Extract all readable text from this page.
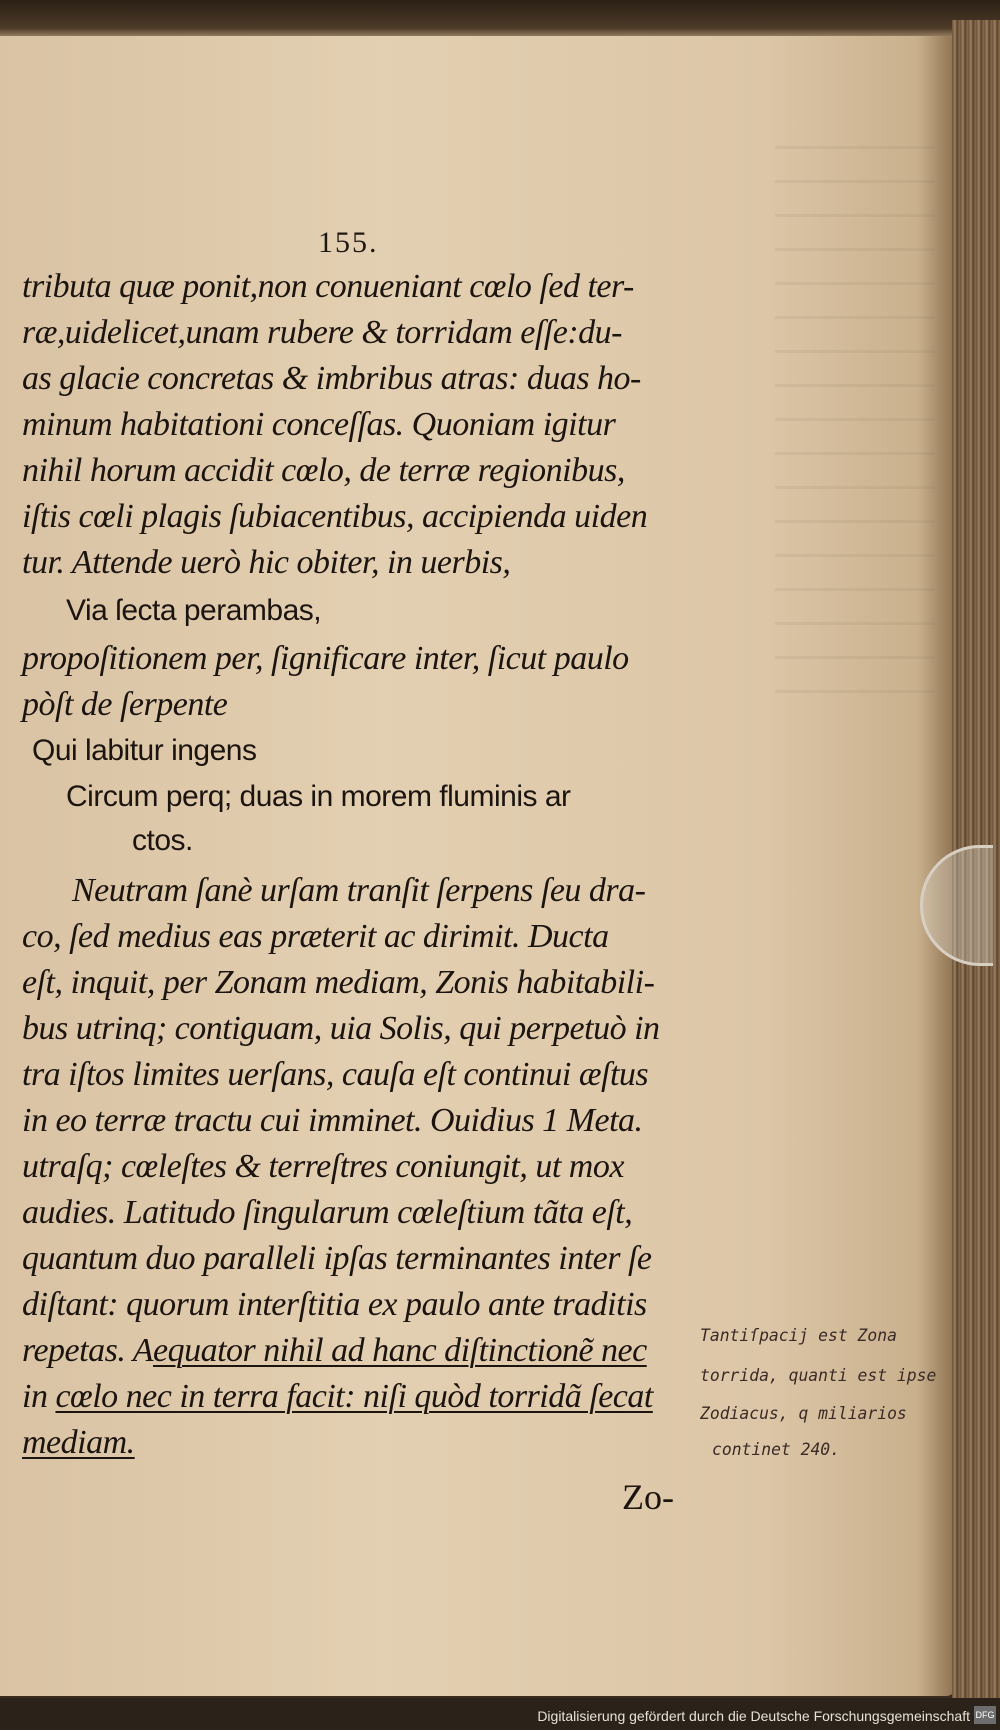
155.
tributa quæ ponit,non conueniant cœlo ſed ter-
ræ,uidelicet,unam rubere & torridam eſſe:du-
as glacie concretas & imbribus atras: duas ho-
minum habitationi conceſſas. Quoniam igitur
nihil horum accidit cœlo, de terræ regionibus,
iſtis cœli plagis ſubiacentibus, accipienda uiden
tur. Attende uerò hic obiter, in uerbis,
Via ſecta perambas,
propoſitionem per, ſignificare inter, ſicut paulo
pòſt de ſerpente
Qui labitur ingens
Circum perq; duas in morem fluminis ar
ctos.
Neutram ſanè urſam tranſit ſerpens ſeu dra-
co, ſed medius eas præterit ac dirimit. Ducta
eſt, inquit, per Zonam mediam, Zonis habitabili-
bus utrinq; contiguam, uia Solis, qui perpetuò in
tra iſtos limites uerſans, cauſa eſt continui æſtus
in eo terræ tractu cui imminet. Ouidius 1 Meta.
utraſq; cœleſtes & terreſtres coniungit, ut mox
audies. Latitudo ſingularum cœleſtium tãta eſt,
quantum duo paralleli ipſas terminantes inter ſe
diſtant: quorum interſtitia ex paulo ante traditis
repetas. Aequator nihil ad hanc diſtinctionẽ nec
in cœlo nec in terra facit: niſi quòd torridã ſecat
mediam.
Zo-
Tantiſpacij est Zona
torrida, quanti est ipse
Zodiacus, q miliarios
continet 240.
Digitalisierung gefördert durch die Deutsche Forschungsgemeinschaft DFG
